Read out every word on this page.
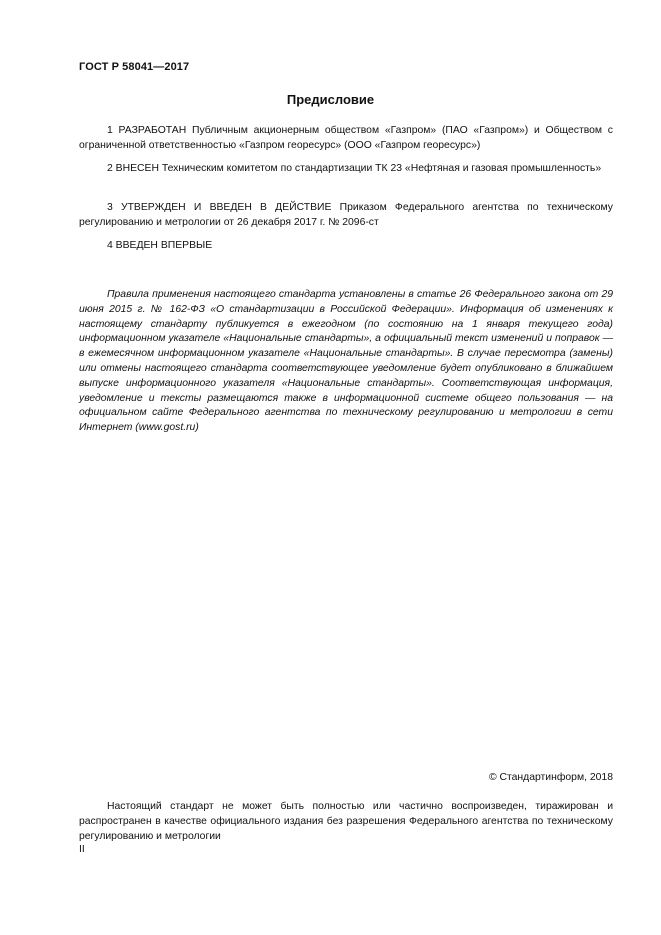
ГОСТ Р 58041—2017
Предисловие
1 РАЗРАБОТАН Публичным акционерным обществом «Газпром» (ПАО «Газпром») и Обществом с ограниченной ответственностью «Газпром георесурс» (ООО «Газпром георесурс»)
2 ВНЕСЕН Техническим комитетом по стандартизации ТК 23 «Нефтяная и газовая промышленность»
3 УТВЕРЖДЕН И ВВЕДЕН В ДЕЙСТВИЕ Приказом Федерального агентства по техническому регулированию и метрологии от 26 декабря 2017 г. № 2096-ст
4 ВВЕДЕН ВПЕРВЫЕ
Правила применения настоящего стандарта установлены в статье 26 Федерального закона от 29 июня 2015 г. № 162-ФЗ «О стандартизации в Российской Федерации». Информация об изменениях к настоящему стандарту публикуется в ежегодном (по состоянию на 1 января текущего года) информационном указателе «Национальные стандарты», а официальный текст изменений и поправок — в ежемесячном информационном указателе «Национальные стандарты». В случае пересмотра (замены) или отмены настоящего стандарта соответствующее уведомление будет опубликовано в ближайшем выпуске информационного указателя «Национальные стандарты». Соответствующая информация, уведомление и тексты размещаются также в информационной системе общего пользования — на официальном сайте Федерального агентства по техническому регулированию и метрологии в сети Интернет (www.gost.ru)
© Стандартинформ, 2018
Настоящий стандарт не может быть полностью или частично воспроизведен, тиражирован и распространен в качестве официального издания без разрешения Федерального агентства по техническому регулированию и метрологии
II
